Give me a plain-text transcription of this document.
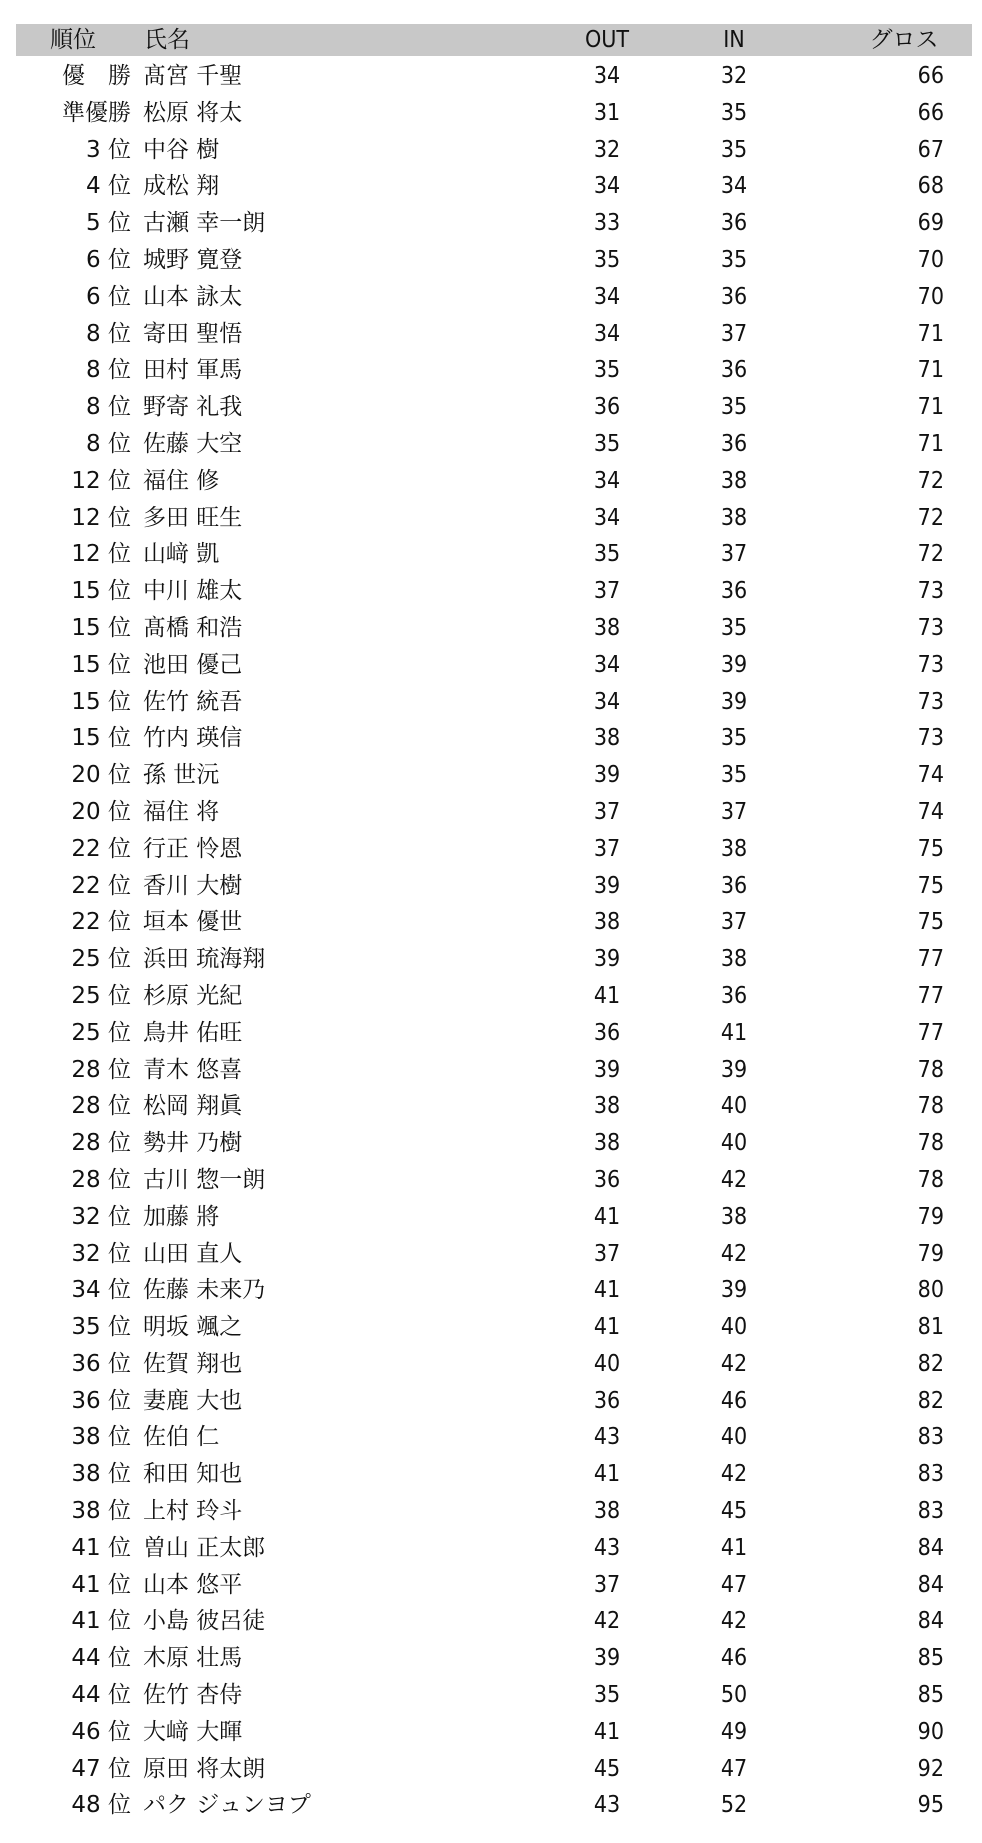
順位 氏名	OUT	IN	グロス
優　勝 髙宮 千聖	34	32	66
準優勝 松原 将太	31	35	66
3 位 中谷 樹	32	35	67
4 位 成松 翔	34	34	68
5 位 古瀬 幸一朗	33	36	69
6 位 城野 寛登	35	35	70
6 位 山本 詠太	34	36	70
8 位 寄田 聖悟	34	37	71
8 位 田村 軍馬	35	36	71
8 位 野寄 礼我	36	35	71
8 位 佐藤 大空	35	36	71
12 位 福住 修	34	38	72
12 位 多田 旺生	34	38	72
12 位 山﨑 凱	35	37	72
15 位 中川 雄太	37	36	73
15 位 髙橋 和浩	38	35	73
15 位 池田 優己	34	39	73
15 位 佐竹 統吾	34	39	73
15 位 竹内 瑛信	38	35	73
20 位 孫 世沅	39	35	74
20 位 福住 将	37	37	74
22 位 行正 怜恩	37	38	75
22 位 香川 大樹	39	36	75
22 位 垣本 優世	38	37	75
25 位 浜田 琉海翔	39	38	77
25 位 杉原 光紀	41	36	77
25 位 鳥井 佑旺	36	41	77
28 位 青木 悠喜	39	39	78
28 位 松岡 翔眞	38	40	78
28 位 勢井 乃樹	38	40	78
28 位 古川 惣一朗	36	42	78
32 位 加藤 將	41	38	79
32 位 山田 直人	37	42	79
34 位 佐藤 未来乃	41	39	80
35 位 明坂 颯之	41	40	81
36 位 佐賀 翔也	40	42	82
36 位 妻鹿 大也	36	46	82
38 位 佐伯 仁	43	40	83
38 位 和田 知也	41	42	83
38 位 上村 玲斗	38	45	83
41 位 曽山 正太郎	43	41	84
41 位 山本 悠平	37	47	84
41 位 小島 彼呂徒	42	42	84
44 位 木原 壮馬	39	46	85
44 位 佐竹 杏侍	35	50	85
46 位 大﨑 大暉	41	49	90
47 位 原田 将太朗	45	47	92
48 位 パク ジュンヨプ	43	52	95
